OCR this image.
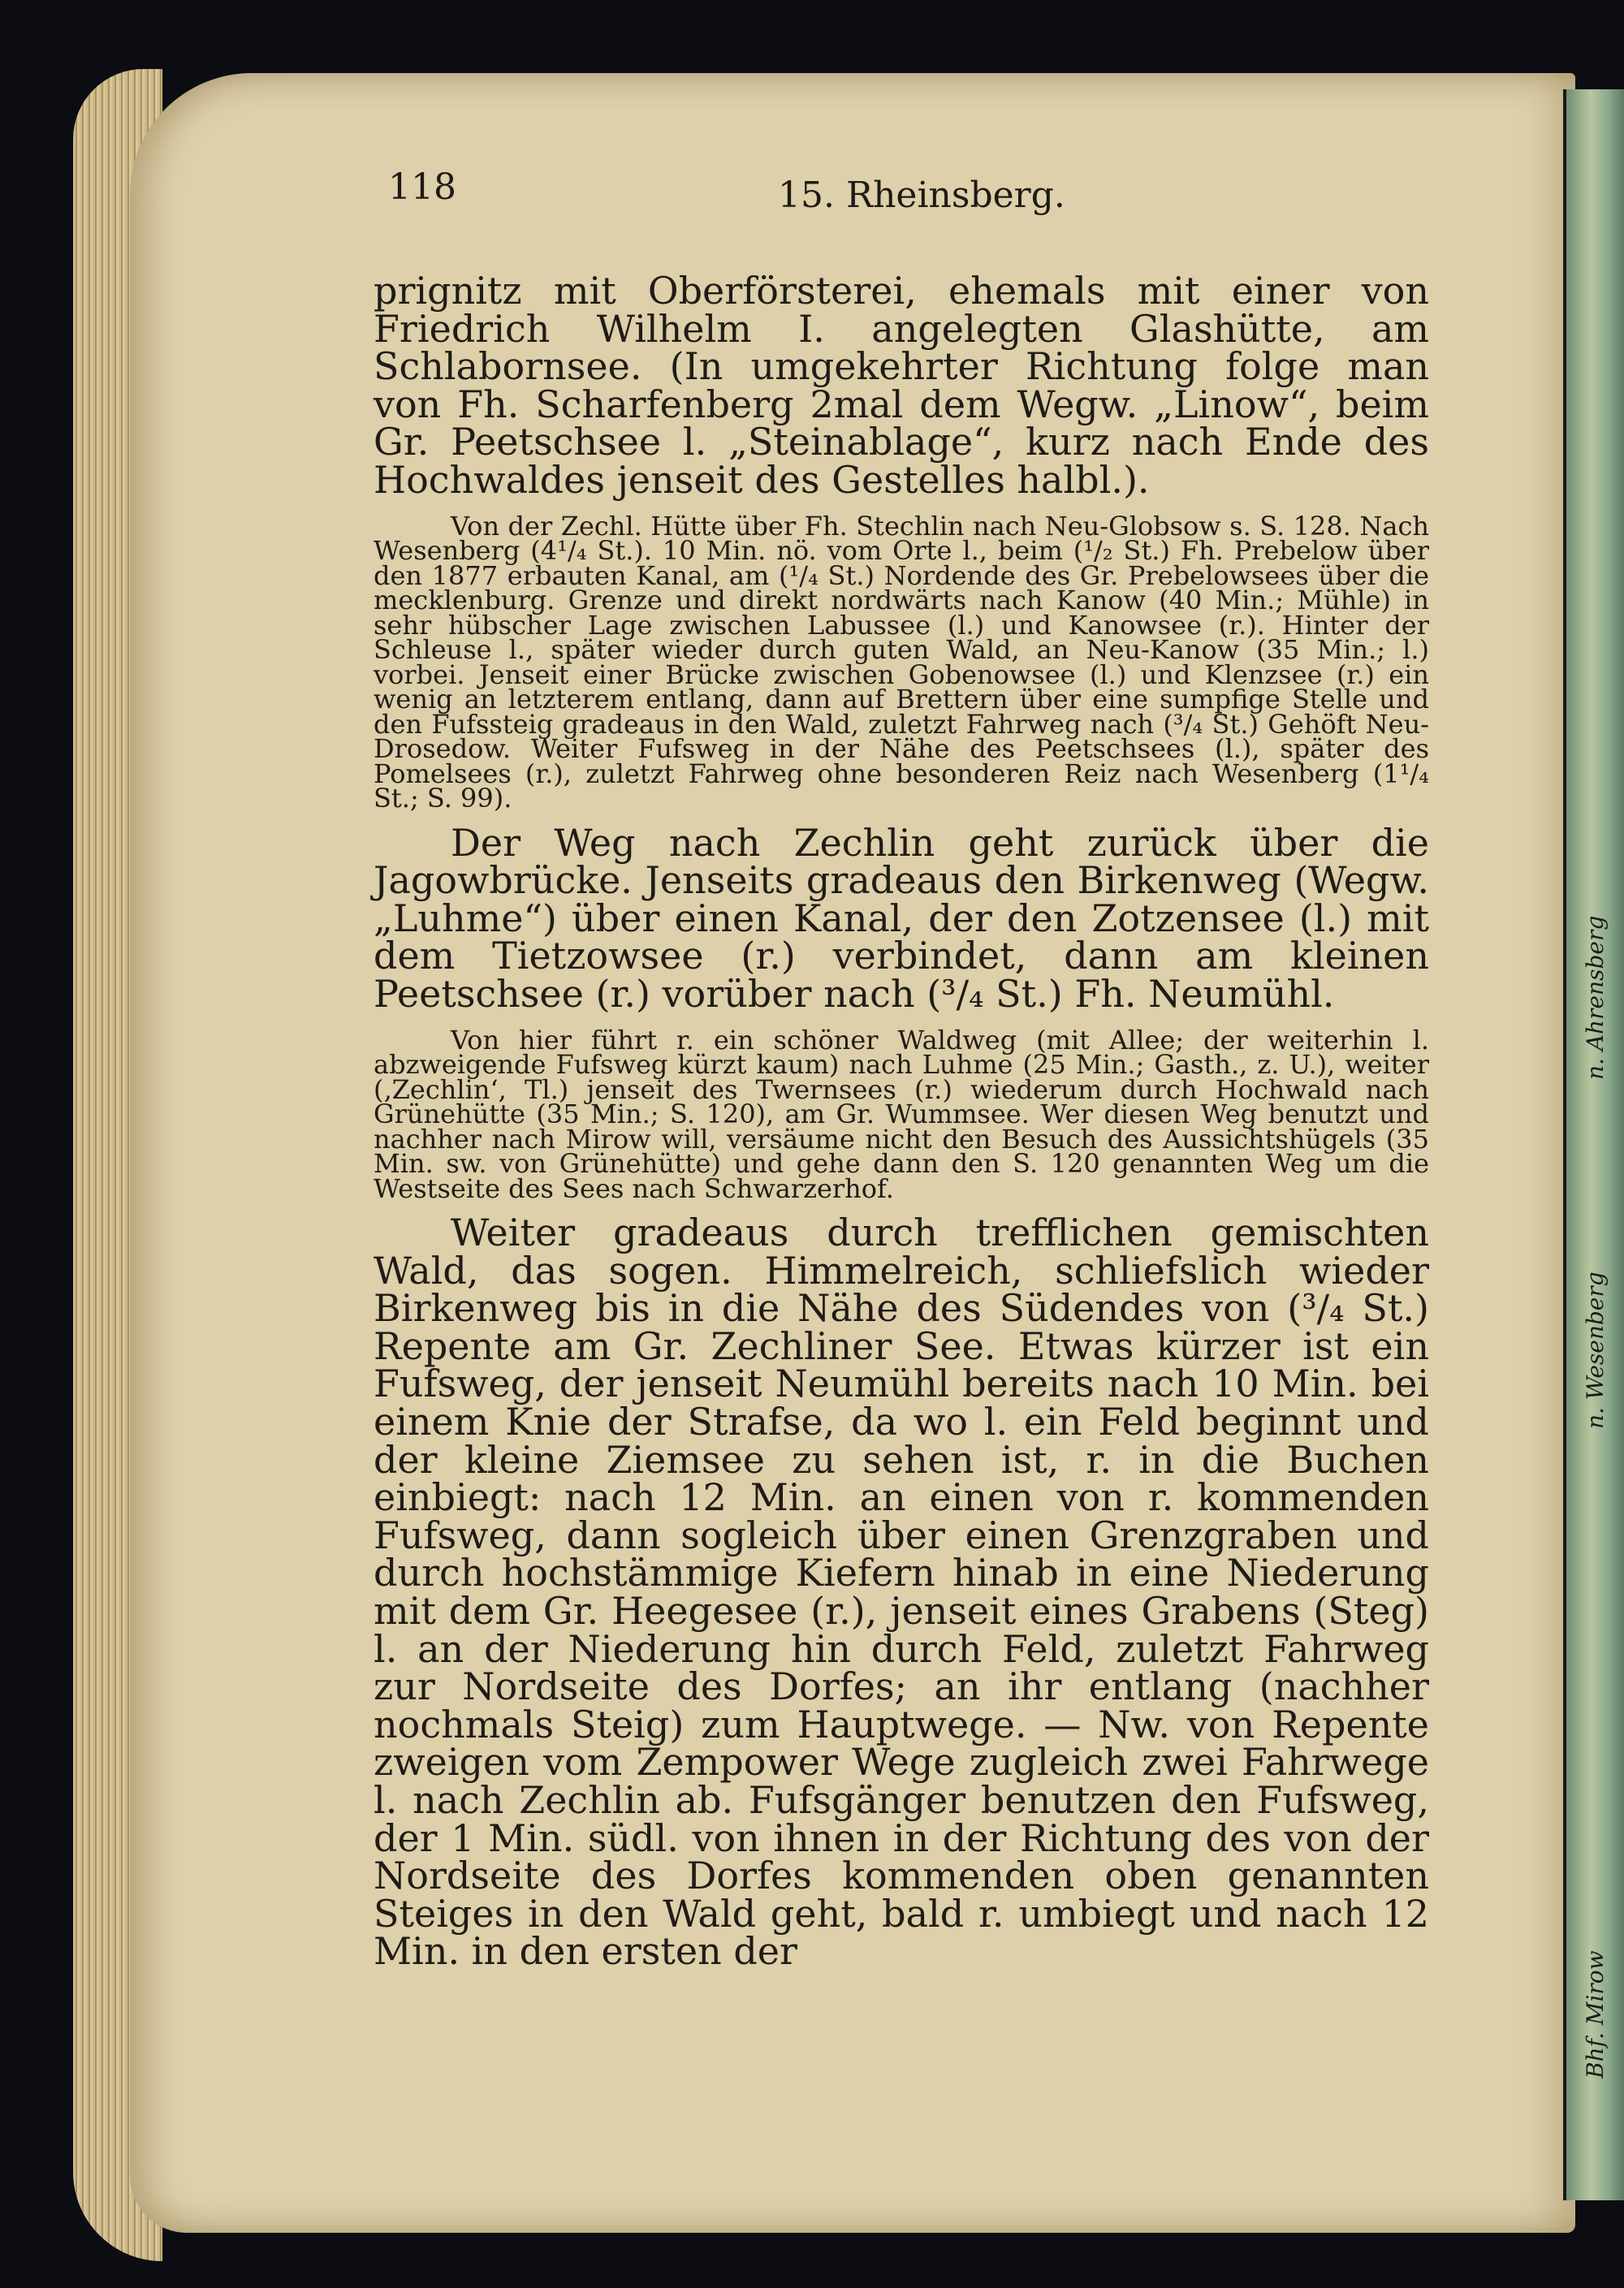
n. Ahrensberg
n. Wesenberg
Bhf. Mirow
118	15. Rheinsberg.

prignitz mit Oberförsterei, ehemals mit einer von Friedrich Wilhelm I. angelegten Glashütte, am Schlabornsee. (In umgekehrter Richtung folge man von Fh. Scharfenberg 2mal dem Wegw. „Linow“, beim Gr. Peetschsee l. „Steinablage“, kurz nach Ende des Hochwaldes jenseit des Gestelles halbl.).

Von der Zechl. Hütte über Fh. Stechlin nach Neu-Globsow s. S. 128. Nach Wesenberg (4¹/₄ St.). 10 Min. nö. vom Orte l., beim (¹/₂ St.) Fh. Prebelow über den 1877 erbauten Kanal, am (¹/₄ St.) Nordende des Gr. Prebelowsees über die mecklenburg. Grenze und direkt nordwärts nach Kanow (40 Min.; Mühle) in sehr hübscher Lage zwischen Labussee (l.) und Kanowsee (r.). Hinter der Schleuse l., später wieder durch guten Wald, an Neu-Kanow (35 Min.; l.) vorbei. Jenseit einer Brücke zwischen Gobenowsee (l.) und Klenzsee (r.) ein wenig an letzterem entlang, dann auf Brettern über eine sumpfige Stelle und den Fufssteig gradeaus in den Wald, zuletzt Fahrweg nach (³/₄ St.) Gehöft Neu-Drosedow. Weiter Fufsweg in der Nähe des Peetschsees (l.), später des Pomelsees (r.), zuletzt Fahrweg ohne besonderen Reiz nach Wesenberg (1¹/₄ St.; S. 99).

Der Weg nach Zechlin geht zurück über die Jagowbrücke. Jenseits gradeaus den Birkenweg (Wegw. „Luhme“) über einen Kanal, der den Zotzensee (l.) mit dem Tietzowsee (r.) verbindet, dann am kleinen Peetschsee (r.) vorüber nach (³/₄ St.) Fh. Neumühl.

Von hier führt r. ein schöner Waldweg (mit Allee; der weiterhin l. abzweigende Fufsweg kürzt kaum) nach Luhme (25 Min.; Gasth., z. U.), weiter (‚Zechlin‘, Tl.) jenseit des Twernsees (r.) wiederum durch Hochwald nach Grünehütte (35 Min.; S. 120), am Gr. Wummsee. Wer diesen Weg benutzt und nachher nach Mirow will, versäume nicht den Besuch des Aussichtshügels (35 Min. sw. von Grünehütte) und gehe dann den S. 120 genannten Weg um die Westseite des Sees nach Schwarzerhof.

Weiter gradeaus durch trefflichen gemischten Wald, das sogen. Himmelreich, schliefslich wieder Birkenweg bis in die Nähe des Südendes von (³/₄ St.) Repente am Gr. Zechliner See. Etwas kürzer ist ein Fufsweg, der jenseit Neumühl bereits nach 10 Min. bei einem Knie der Strafse, da wo l. ein Feld beginnt und der kleine Ziemsee zu sehen ist, r. in die Buchen einbiegt: nach 12 Min. an einen von r. kommenden Fufsweg, dann sogleich über einen Grenzgraben und durch hochstämmige Kiefern hinab in eine Niederung mit dem Gr. Heegesee (r.), jenseit eines Grabens (Steg) l. an der Niederung hin durch Feld, zuletzt Fahrweg zur Nordseite des Dorfes; an ihr entlang (nachher nochmals Steig) zum Hauptwege. — Nw. von Repente zweigen vom Zempower Wege zugleich zwei Fahrwege l. nach Zechlin ab. Fufsgänger benutzen den Fufsweg, der 1 Min. südl. von ihnen in der Richtung des von der Nordseite des Dorfes kommenden oben genannten Steiges in den Wald geht, bald r. umbiegt und nach 12 Min. in den ersten der
